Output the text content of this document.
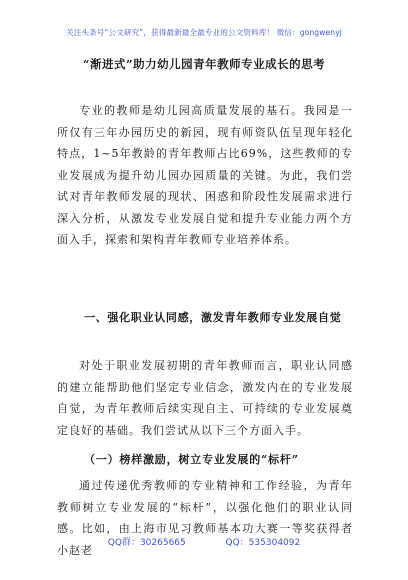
关注头条号“公文研究”，获得最新最全最专业的公文资料库！ 微信：gongwenyj
“渐进式”助力幼儿园青年教师专业成长的思考

专业的教师是幼儿园高质量发展的基石。我园是一所仅有三年办园历史的新园，现有师资队伍呈现年轻化特点，1~5年教龄的青年教师占比69%，这些教师的专业发展成为提升幼儿园办园质量的关键。为此，我们尝试对青年教师发展的现状、困惑和阶段性发展需求进行深入分析，从激发专业发展自觉和提升专业能力两个方面入手，探索和架构青年教师专业培养体系。

一、强化职业认同感，激发青年教师专业发展自觉

对处于职业发展初期的青年教师而言，职业认同感的建立能帮助他们坚定专业信念，激发内在的专业发展自觉，为青年教师后续实现自主、可持续的专业发展奠定良好的基础。我们尝试从以下三个方面入手。

（一）榜样激励，树立专业发展的“标杆”

通过传递优秀教师的专业精神和工作经验，为青年教师树立专业发展的“标杆”，以强化他们的职业认同感。比如，由上海市见习教师基本功大赛一等奖获得者小赵老

QQ群：30265665	QQ：535304092
